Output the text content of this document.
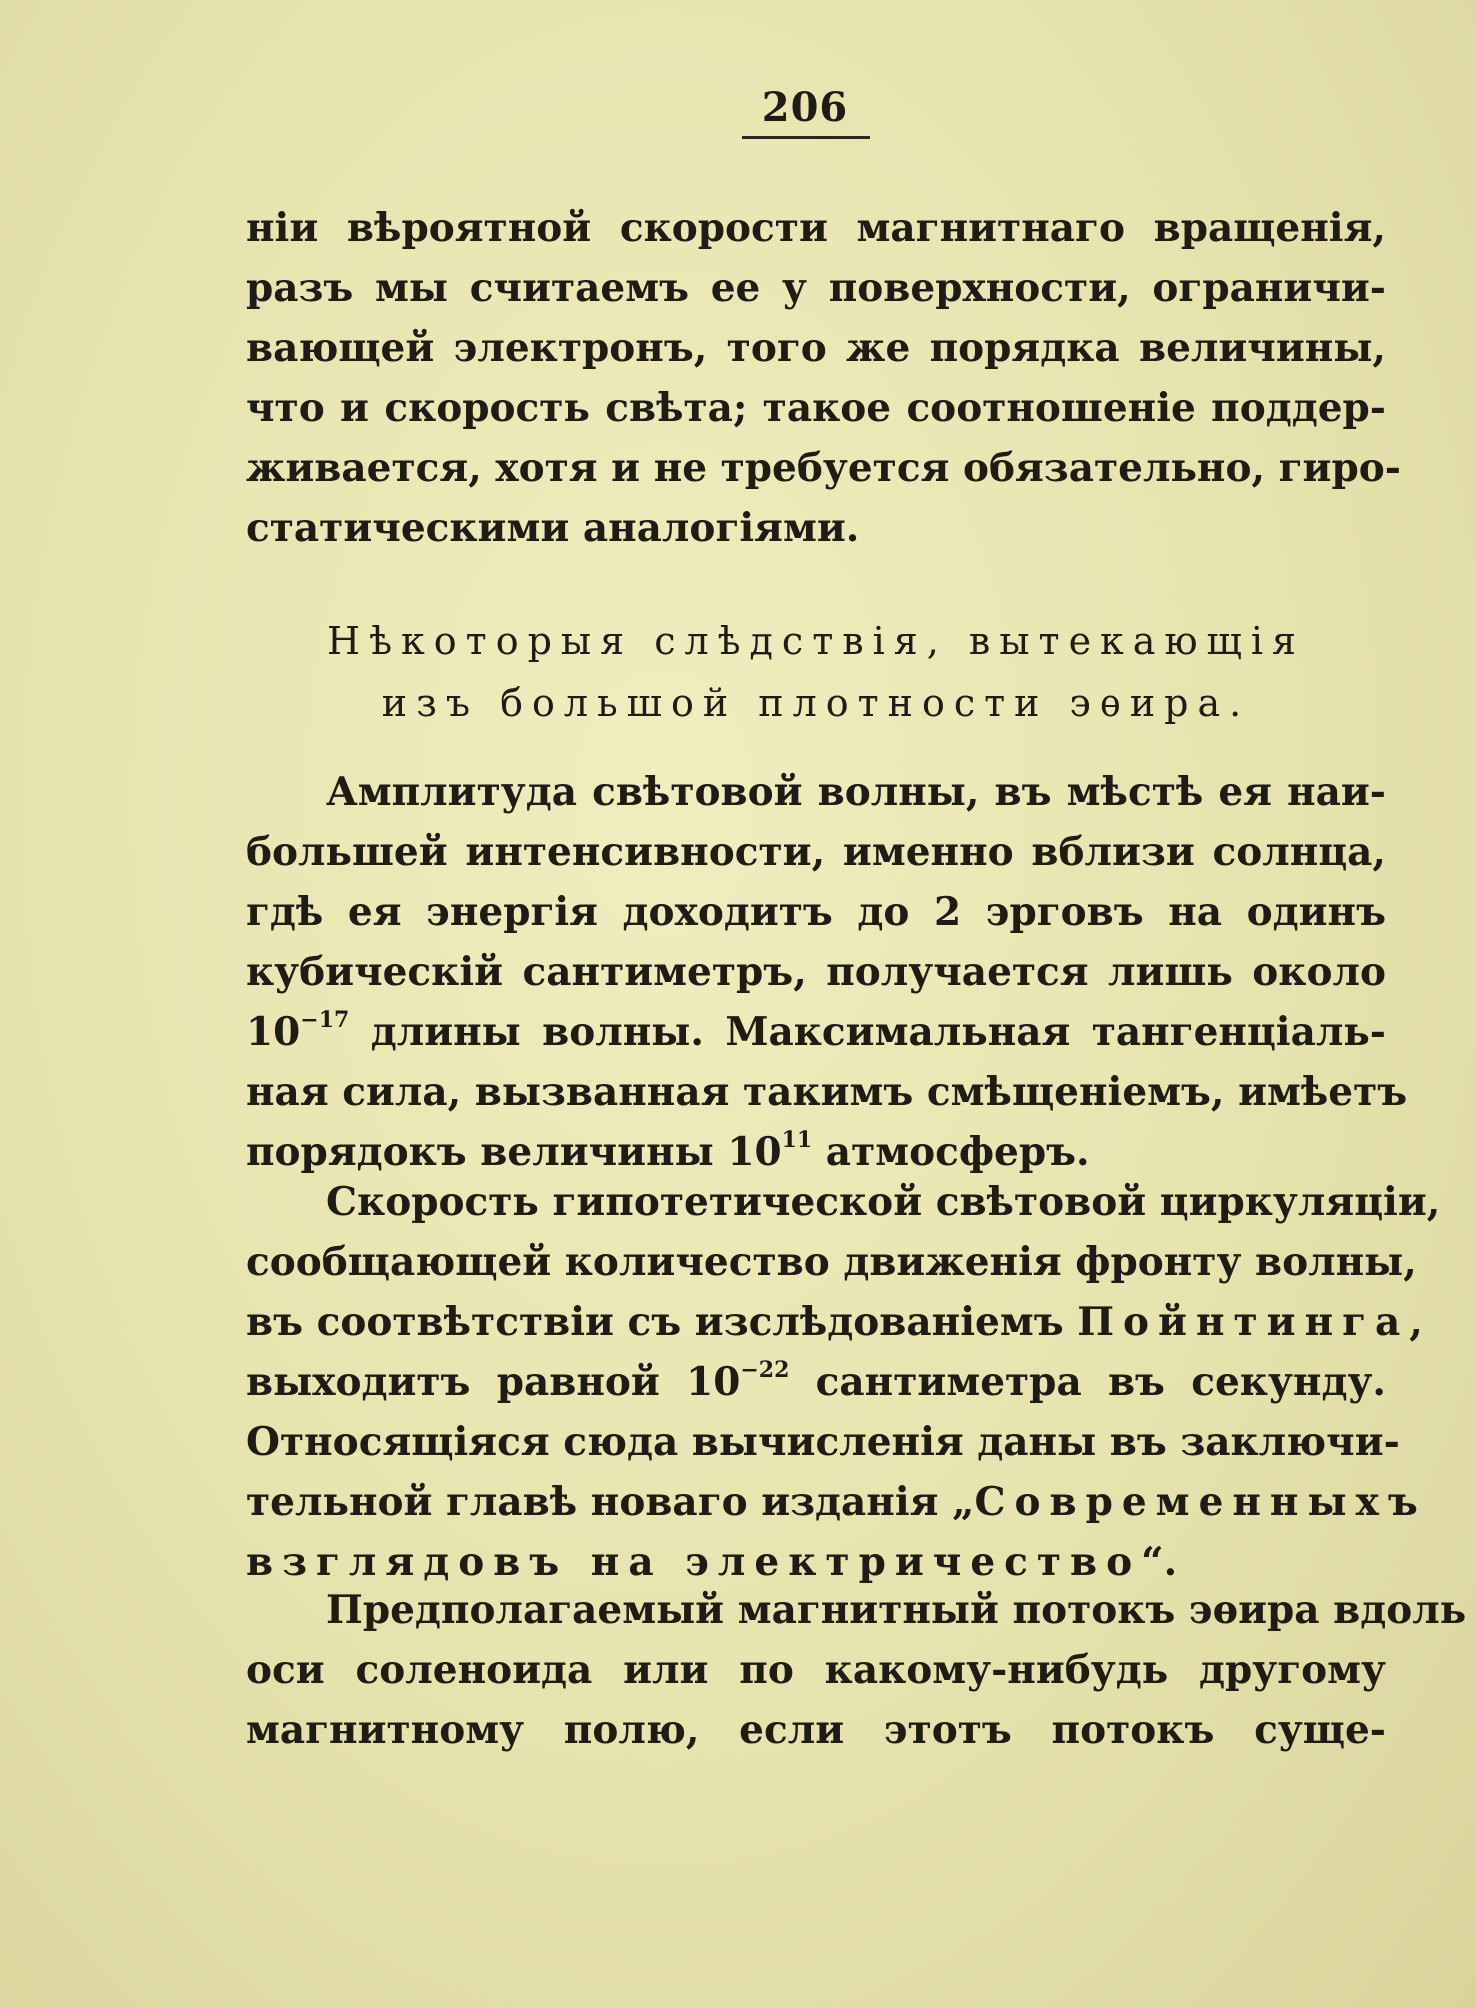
206
ніи вѣроятной скорости магнитнаго вращенія,
разъ мы считаемъ ее у поверхности, ограничи-
вающей электронъ, того же порядка величины,
что и скорость свѣта; такое соотношеніе поддер-
живается, хотя и не требуется обязательно, гиро-
статическими аналогіями.
Нѣкоторыя слѣдствія, вытекающія
изъ большой плотности эѳира.
Амплитуда свѣтовой волны, въ мѣстѣ ея наи-
большей интенсивности, именно вблизи солнца,
гдѣ ея энергія доходитъ до 2 эрговъ на одинъ
кубическій сантиметръ, получается лишь около
$10^{-17}$ длины волны. Максимальная тангенціаль-
ная сила, вызванная такимъ смѣщеніемъ, имѣетъ
порядокъ величины $10^{11}$ атмосферъ.
Скорость гипотетической свѣтовой циркуляціи,
сообщающей количество движенія фронту волны,
въ соотвѣтствіи съ изслѣдованіемъ Пойнтинга,
выходитъ равной $10^{-22}$ сантиметра въ секунду.
Относящіяся сюда вычисленія даны въ заключи-
тельной главѣ новаго изданія „Современныхъ
взглядовъ на электричество“.
Предполагаемый магнитный потокъ эѳира вдоль
оси соленоида или по какому-нибудь другому
магнитному полю, если этотъ потокъ суще-
